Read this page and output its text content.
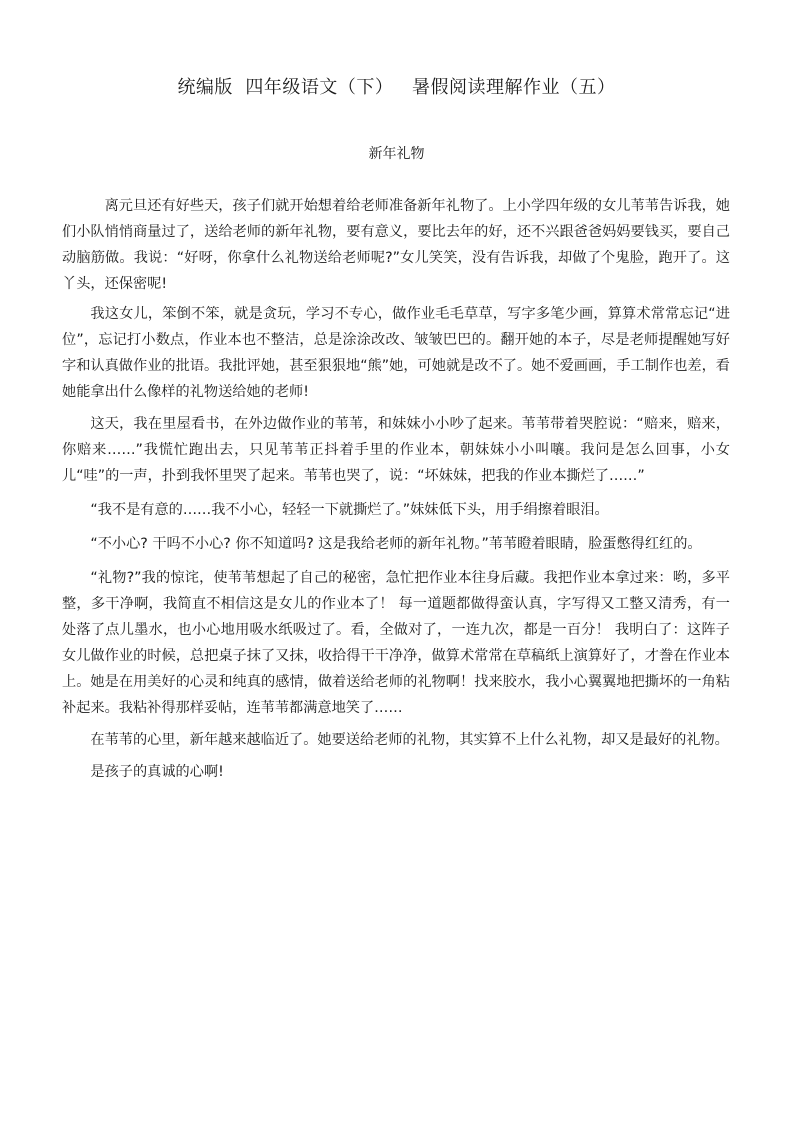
统编版  四年级语文（下）   暑假阅读理解作业（五）
新年礼物

离元旦还有好些天，孩子们就开始想着给老师准备新年礼物了。上小学四年级的女儿苇苇告诉我，她们小队悄悄商量过了，送给老师的新年礼物，要有意义，要比去年的好，还不兴跟爸爸妈妈要钱买，要自己动脑筋做。我说：“好呀，你拿什么礼物送给老师呢?”女儿笑笑，没有告诉我，却做了个鬼脸，跑开了。这丫头，还保密呢!

我这女儿，笨倒不笨，就是贪玩，学习不专心，做作业毛毛草草，写字多笔少画，算算术常常忘记“进位”，忘记打小数点，作业本也不整洁，总是涂涂改改、皱皱巴巴的。翻开她的本子，尽是老师提醒她写好字和认真做作业的批语。我批评她，甚至狠狠地“熊”她，可她就是改不了。她不爱画画，手工制作也差，看她能拿出什么像样的礼物送给她的老师!

这天，我在里屋看书，在外边做作业的苇苇，和妹妹小小吵了起来。苇苇带着哭腔说：“赔来，赔来，你赔来……”我慌忙跑出去，只见苇苇正抖着手里的作业本，朝妹妹小小叫嚷。我问是怎么回事，小女儿“哇”的一声，扑到我怀里哭了起来。苇苇也哭了，说：“坏妹妹，把我的作业本撕烂了……”

“我不是有意的……我不小心，轻轻一下就撕烂了。”妹妹低下头，用手绢擦着眼泪。

“不小心? 干吗不小心? 你不知道吗? 这是我给老师的新年礼物。”苇苇瞪着眼睛，脸蛋憋得红红的。

“礼物?”我的惊诧，使苇苇想起了自己的秘密，急忙把作业本往身后藏。我把作业本拿过来：哟，多平整，多干净啊，我简直不相信这是女儿的作业本了！ 每一道题都做得蛮认真，字写得又工整又清秀，有一处落了点儿墨水，也小心地用吸水纸吸过了。看，全做对了，一连九次，都是一百分！ 我明白了：这阵子女儿做作业的时候，总把桌子抹了又抹，收拾得干干净净，做算术常常在草稿纸上演算好了，才誊在作业本上。她是在用美好的心灵和纯真的感情，做着送给老师的礼物啊！找来胶水，我小心翼翼地把撕坏的一角粘补起来。我粘补得那样妥帖，连苇苇都满意地笑了……

在苇苇的心里，新年越来越临近了。她要送给老师的礼物，其实算不上什么礼物，却又是最好的礼物。

是孩子的真诚的心啊!
